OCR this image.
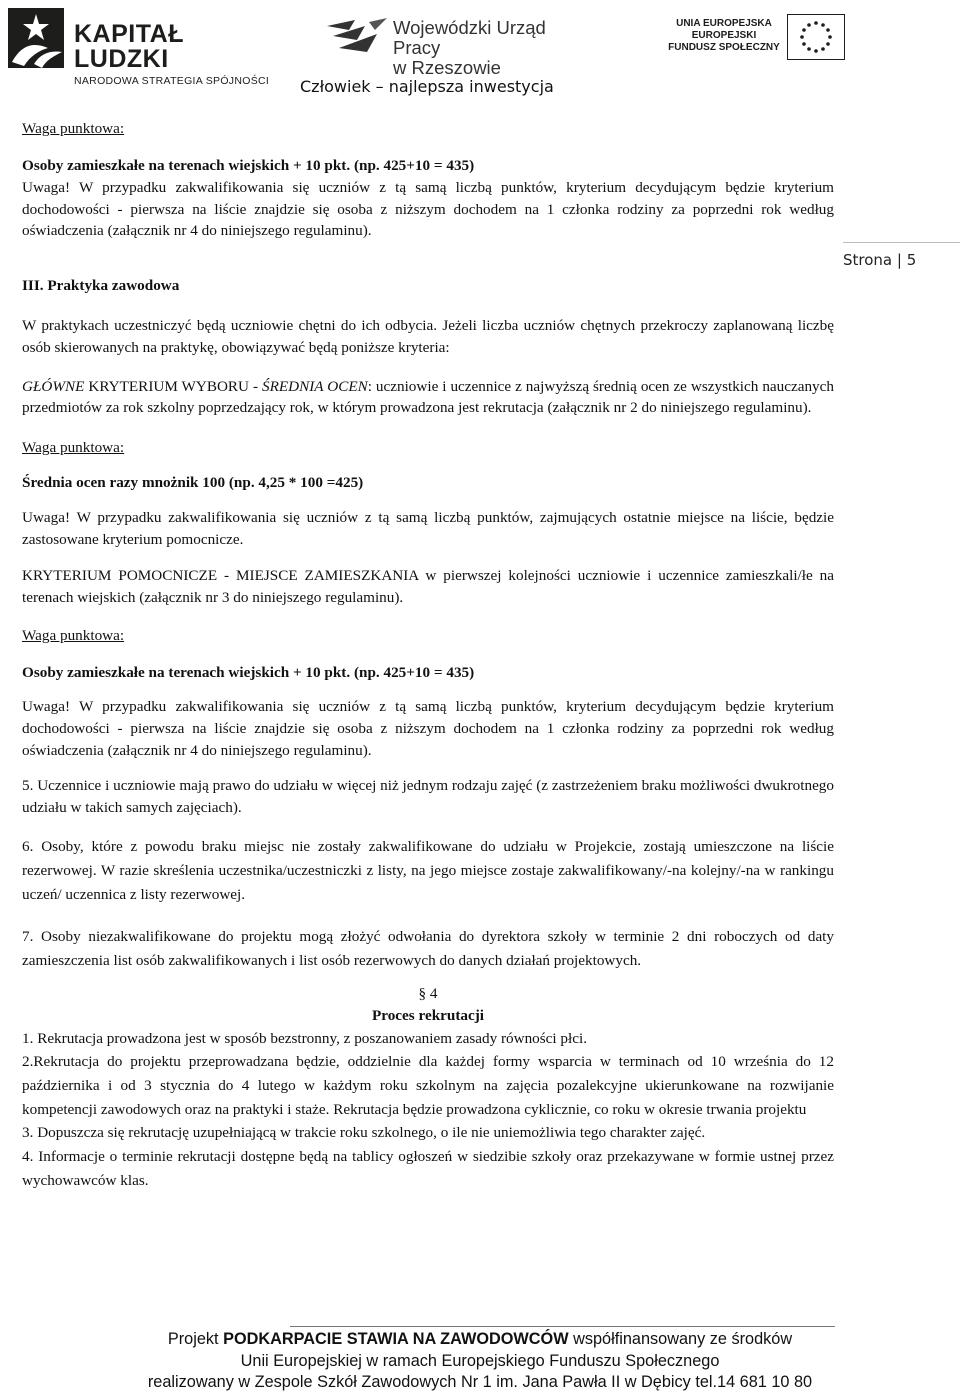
KAPITAŁ LUDZKI
NARODOWA STRATEGIA SPÓJNOŚCI
Wojewódzki Urząd Pracy
w Rzeszowie
UNIA EUROPEJSKA
EUROPEJSKI
FUNDUSZ SPOŁECZNY
Człowiek – najlepsza inwestycja
Strona | 5

Waga punktowa:

Osoby zamieszkałe na terenach wiejskich + 10 pkt. (np. 425+10 = 435)

Uwaga! W przypadku zakwalifikowania się uczniów z tą samą liczbą punktów, kryterium decydującym będzie kryterium dochodowości - pierwsza na liście znajdzie się osoba z niższym dochodem na 1 członka rodziny za poprzedni rok według oświadczenia (załącznik nr 4 do niniejszego regulaminu).

III. Praktyka zawodowa

W praktykach uczestniczyć będą uczniowie chętni do ich odbycia. Jeżeli liczba uczniów chętnych przekroczy zaplanowaną liczbę osób skierowanych na praktykę, obowiązywać będą poniższe kryteria:

GŁÓWNE KRYTERIUM WYBORU - ŚREDNIA OCEN: uczniowie i uczennice z najwyższą średnią ocen ze wszystkich nauczanych przedmiotów za rok szkolny poprzedzający rok, w którym prowadzona jest rekrutacja (załącznik nr 2 do niniejszego regulaminu).

Waga punktowa:

Średnia ocen razy mnożnik 100 (np. 4,25 * 100 =425)

Uwaga! W przypadku zakwalifikowania się uczniów z tą samą liczbą punktów, zajmujących ostatnie miejsce na liście, będzie zastosowane kryterium pomocnicze.

KRYTERIUM POMOCNICZE - MIEJSCE ZAMIESZKANIA w pierwszej kolejności uczniowie i uczennice zamieszkali/łe na terenach wiejskich (załącznik nr 3 do niniejszego regulaminu).

Waga punktowa:

Osoby zamieszkałe na terenach wiejskich + 10 pkt. (np. 425+10 = 435)

Uwaga! W przypadku zakwalifikowania się uczniów z tą samą liczbą punktów, kryterium decydującym będzie kryterium dochodowości - pierwsza na liście znajdzie się osoba z niższym dochodem na 1 członka rodziny za poprzedni rok według oświadczenia (załącznik nr 4 do niniejszego regulaminu).

5. Uczennice i uczniowie mają prawo do udziału w więcej niż jednym rodzaju zajęć (z zastrzeżeniem braku możliwości dwukrotnego udziału w takich samych zajęciach).

6. Osoby, które z powodu braku miejsc nie zostały zakwalifikowane do udziału w Projekcie, zostają umieszczone na liście rezerwowej. W razie skreślenia uczestnika/uczestniczki z listy, na jego miejsce zostaje zakwalifikowany/-na kolejny/-na w rankingu uczeń/ uczennica z listy rezerwowej.

7. Osoby niezakwalifikowane do projektu mogą złożyć odwołania do dyrektora szkoły w terminie 2 dni roboczych od daty zamieszczenia list osób zakwalifikowanych i list osób rezerwowych do danych działań projektowych.

§ 4

Proces rekrutacji

1. Rekrutacja prowadzona jest w sposób bezstronny, z poszanowaniem zasady równości płci.

2.Rekrutacja do projektu przeprowadzana będzie, oddzielnie dla każdej formy wsparcia w terminach od 10 września do 12 października i od 3 stycznia do 4 lutego w każdym roku szkolnym na zajęcia pozalekcyjne ukierunkowane na rozwijanie kompetencji zawodowych oraz na praktyki i staże. Rekrutacja będzie prowadzona cyklicznie, co roku w okresie trwania projektu

3. Dopuszcza się rekrutację uzupełniającą w trakcie roku szkolnego, o ile nie uniemożliwia tego charakter zajęć.

4. Informacje o terminie rekrutacji dostępne będą na tablicy ogłoszeń w siedzibie szkoły oraz przekazywane w formie ustnej przez wychowawców klas.

Projekt PODKARPACIE STAWIA NA ZAWODOWCÓW współfinansowany ze środków
Unii Europejskiej w ramach Europejskiego Funduszu Społecznego
realizowany w Zespole Szkół Zawodowych Nr 1 im. Jana Pawła II w Dębicy tel.14 681 10 80
